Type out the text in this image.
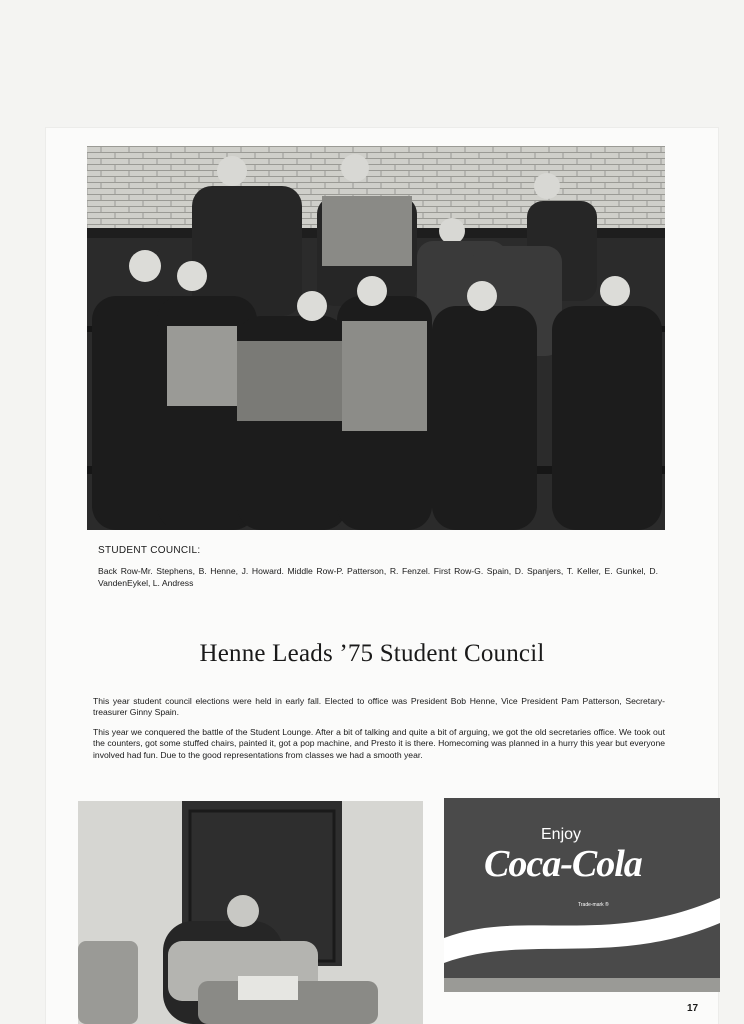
STUDENT COUNCIL:
Back Row-Mr. Stephens, B. Henne, J. Howard. Middle Row-P. Patterson, R. Fenzel. First Row-G. Spain, D. Spanjers, T. Keller, E. Gunkel, D. VandenEykel, L. Andress
Henne Leads ’75 Student Council

This year student council elections were held in early fall. Elected to office was President Bob Henne, Vice President Pam Patterson, Secretary-treasurer Ginny Spain.

This year we conquered the battle of the Student Lounge. After a bit of talking and quite a bit of arguing, we got the old secretaries office. We took out the counters, got some stuffed chairs, painted it, got a pop machine, and Presto it is there. Homecoming was planned in a hurry this year but everyone involved had fun. Due to the good representations from classes we had a smooth year.

Enjoy
Coca-Cola
Trade-mark ®
17
